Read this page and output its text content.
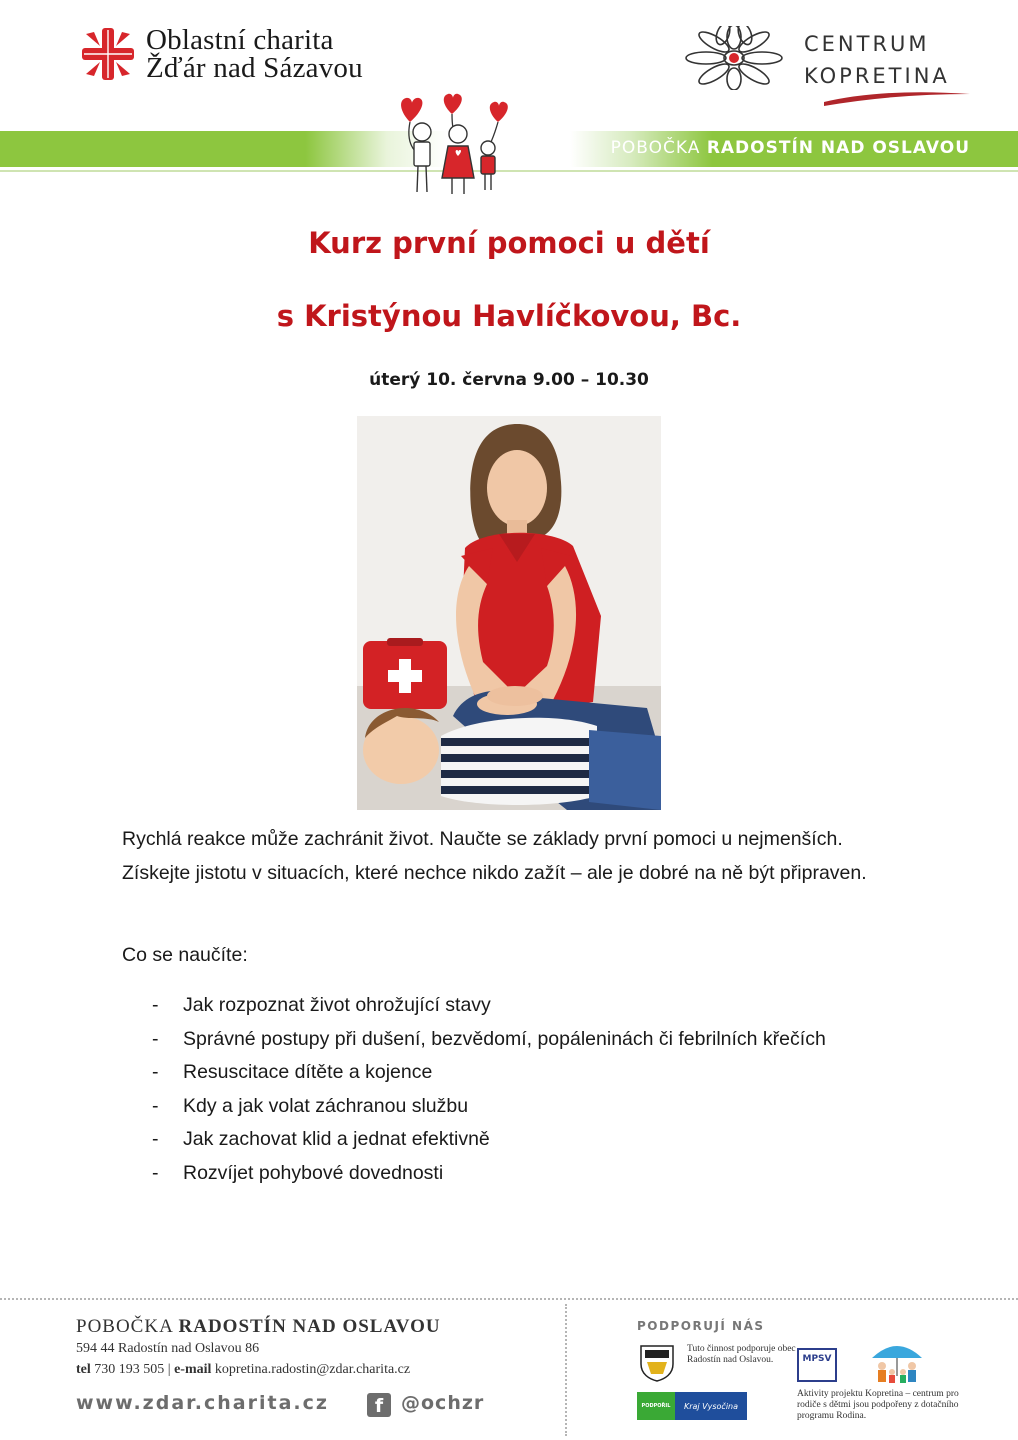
Oblastní charita
Žďár nad Sázavou
CENTRUM
KOPRETINA
POBOČKA RADOSTÍN NAD OSLAVOU
Kurz první pomoci u dětí
s Kristýnou Havlíčkovou, Bc.
úterý 10. června 9.00 – 10.30
Rychlá reakce může zachránit život. Naučte se základy první pomoci u nejmenších. Získejte jistotu v situacích, které nechce nikdo zažít – ale je dobré na ně být připraven.
Co se naučíte:
- Jak rozpoznat život ohrožující stavy
- Správné postupy při dušení, bezvědomí, popáleninách či febrilních křečích
- Resuscitace dítěte a kojence
- Kdy a jak volat záchranou službu
- Jak zachovat klid a jednat efektivně
- Rozvíjet pohybové dovednosti
POBOČKA RADOSTÍN NAD OSLAVOU
594 44 Radostín nad Oslavou 86
tel 730 193 505 | e-mail kopretina.radostin@zdar.charita.cz
www.zdar.charita.cz	f @ochzr
PODPORUJÍ NÁS
Tuto činnost podporuje obec Radostín nad Oslavou.
PODPOŘIL	Kraj Vysočina
MPSV
Aktivity projektu Kopretina – centrum pro rodiče s dětmi jsou podpořeny z dotačního programu Rodina.
